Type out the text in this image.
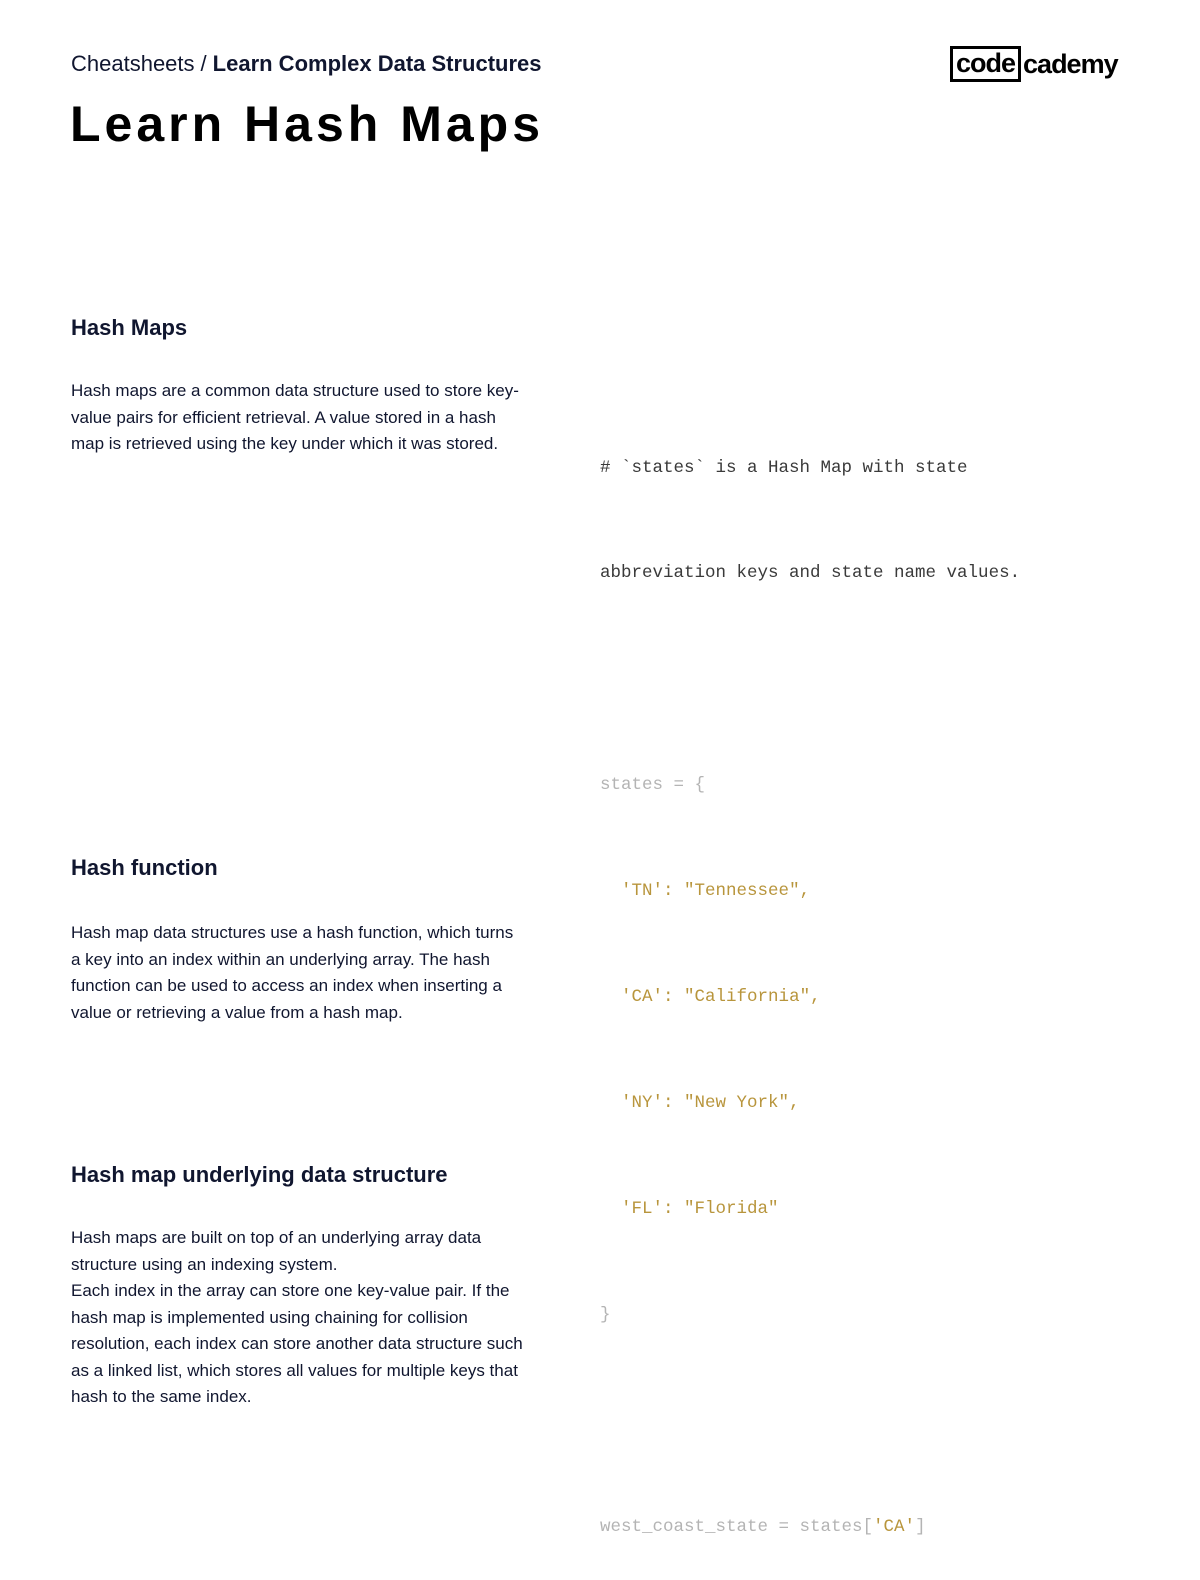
Cheatsheets / Learn Complex Data Structures	code cademy
Learn Hash Maps
Hash Maps

Hash maps are a common data structure used to store key-value pairs for efficient retrieval. A value stored in a hash map is retrieved using the key under which it was stored.

# `states` is a Hash Map with state

abbreviation keys and state name values.

states = {

'TN': "Tennessee",

'CA': "California",

'NY': "New York",

'FL': "Florida"

}

west_coast_state = states['CA']

Hash function

Hash map data structures use a hash function, which turns a key into an index within an underlying array. The hash function can be used to access an index when inserting a value or retrieving a value from a hash map.

Hash map underlying data structure

Hash maps are built on top of an underlying array data structure using an indexing system.

Each index in the array can store one key-value pair. If the hash map is implemented using chaining for collision resolution, each index can store another data structure such as a linked list, which stores all values for multiple keys that hash to the same index.
